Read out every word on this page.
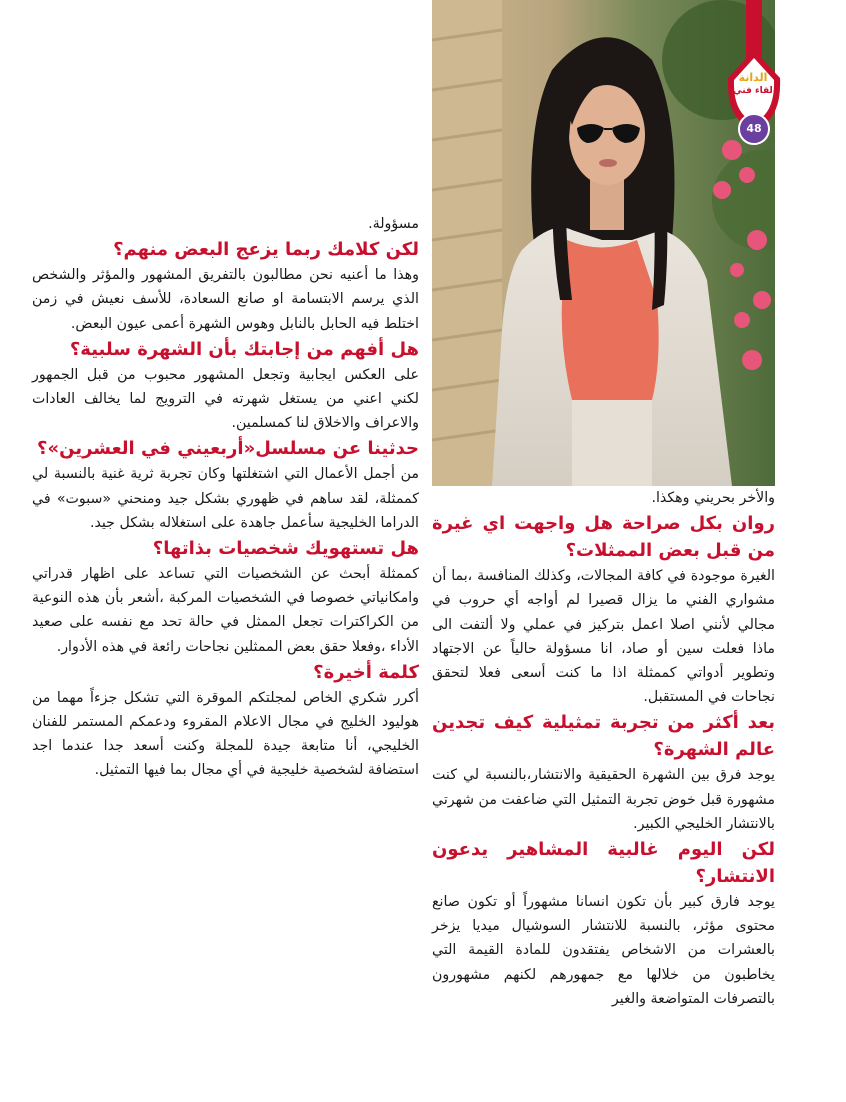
الدانة
لقاء فني
48

مسؤولة.

لكن كلامك ربما يزعج البعض منهم؟

وهذا ما أعنيه نحن مطالبون بالتفريق المشهور والمؤثر والشخص الذي يرسم الابتسامة او صانع السعادة، للأسف نعيش في زمن اختلط فيه الحابل بالنابل وهوس الشهرة أعمى عيون البعض.

هل أفهم من إجابتك بأن الشهرة سلبية؟

على العكس ايجابية وتجعل المشهور محبوب من قبل الجمهور لكني اعني من يستغل شهرته في الترويج لما يخالف العادات والاعراف والاخلاق لنا كمسلمين.

حدثينا عن مسلسل«أربعيني في العشرين»؟

من أجمل الأعمال التي اشتغلتها وكان تجربة ثرية غنية بالنسبة لي كممثلة، لقد ساهم في ظهوري بشكل جيد ومنحني «سبوت» في الدراما الخليجية سأعمل جاهدة على استغلاله بشكل جيد.

هل تستهويك شخصيات بذاتها؟

كممثلة أبحث عن الشخصيات التي تساعد على اظهار قدراتي وامكانياتي خصوصا في الشخصيات المركبة ،أشعر بأن هذه النوعية من الكراكترات تجعل الممثل في حالة تحد مع نفسه على صعيد الأداء ،وفعلا حقق بعض الممثلين نجاحات رائعة في هذه الأدوار.

كلمة أخيرة؟

أكرر شكري الخاص لمجلتكم الموقرة التي تشكل جزءاً مهما من هوليود الخليج في مجال الاعلام المقروء ودعمكم المستمر للفنان الخليجي، أنا متابعة جيدة للمجلة وكنت أسعد جدا عندما اجد استضافة لشخصية خليجية في أي مجال بما فيها التمثيل.

والأخر بحريني وهكذا.

روان بكل صراحة هل واجهت اي غيرة من قبل بعض الممثلات؟

الغيرة موجودة في كافة المجالات، وكذلك المنافسة ،بما أن مشواري الفني ما يزال قصيرا لم أواجه أي حروب في مجالي لأنني اصلا اعمل بتركيز في عملي ولا ألتفت الى ماذا فعلت سين أو صاد، انا مسؤولة حالياً عن الاجتهاد وتطوير أدواتي كممثلة اذا ما كنت أسعى فعلا لتحقق نجاحات في المستقبل.

بعد أكثر من تجربة تمثيلية كيف تجدين عالم الشهرة؟

يوجد فرق بين الشهرة الحقيقية والانتشار،بالنسبة لي كنت مشهورة قبل خوض تجربة التمثيل التي ضاعفت من شهرتي بالانتشار الخليجي الكبير.

لكن اليوم غالبية المشاهير يدعون الانتشار؟

يوجد فارق كبير بأن تكون انسانا مشهوراً أو تكون صانع محتوى مؤثر، بالنسبة للانتشار السوشيال ميديا يزخر بالعشرات من الاشخاص يفتقدون للمادة القيمة التي يخاطبون من خلالها مع جمهورهم لكنهم مشهورون بالتصرفات المتواضعة والغير
